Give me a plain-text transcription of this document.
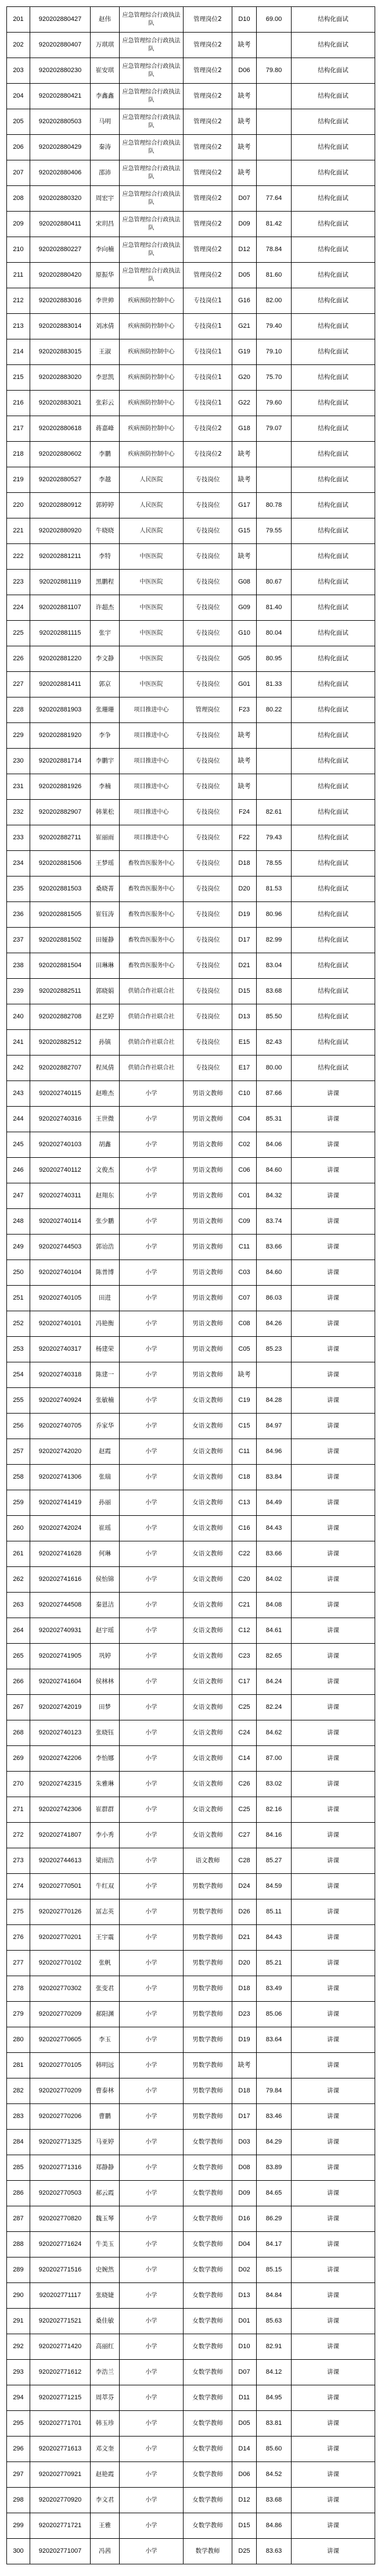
201	920202880427	赵伟	应急管理综合行政执法队	管理岗位2	D10	69.00	结构化面试
202	920202880407	万琪琪	应急管理综合行政执法队	管理岗位2	缺考		结构化面试
203	920202880230	崔安琪	应急管理综合行政执法队	管理岗位2	D06	79.80	结构化面试
204	920202880421	李鑫鑫	应急管理综合行政执法队	管理岗位2	缺考		结构化面试
205	920202880503	马明	应急管理综合行政执法队	管理岗位2	缺考		结构化面试
206	920202880429	秦涛	应急管理综合行政执法队	管理岗位2	缺考		结构化面试
207	920202880406	邵沛	应急管理综合行政执法队	管理岗位2	缺考		结构化面试
208	920202880320	周宏宇	应急管理综合行政执法队	管理岗位2	D07	77.64	结构化面试
209	920202880411	宋玥昌	应急管理综合行政执法队	管理岗位2	D09	81.42	结构化面试
210	920202880227	李向楠	应急管理综合行政执法队	管理岗位2	D12	78.84	结构化面试
211	920202880420	原振华	应急管理综合行政执法队	管理岗位2	D05	81.60	结构化面试
212	920202883016	李世帅	疾病预防控制中心	专技岗位1	G16	82.00	结构化面试
213	920202883014	刘冰倩	疾病预防控制中心	专技岗位1	G21	79.40	结构化面试
214	920202883015	王淑	疾病预防控制中心	专技岗位1	G19	79.10	结构化面试
215	920202883020	李思凯	疾病预防控制中心	专技岗位1	G20	75.70	结构化面试
216	920202883021	张彩云	疾病预防控制中心	专技岗位1	G22	79.60	结构化面试
217	920202880618	蒋嘉峰	疾病预防控制中心	专技岗位2	G18	79.07	结构化面试
218	920202880602	李鹏	疾病预防控制中心	专技岗位2	缺考		结构化面试
219	920202880527	李越	人民医院	专技岗位	缺考		结构化面试
220	920202880912	郭婷婷	人民医院	专技岗位	G17	80.78	结构化面试
221	920202880920	牛晓晓	人民医院	专技岗位	G15	79.55	结构化面试
222	920202881211	李特	中医医院	专技岗位	缺考		结构化面试
223	920202881119	黑鹏程	中医医院	专技岗位	G08	80.67	结构化面试
224	920202881107	许超杰	中医医院	专技岗位	G09	81.40	结构化面试
225	920202881115	张宇	中医医院	专技岗位	G10	80.04	结构化面试
226	920202881220	李文静	中医医院	专技岗位	G05	80.95	结构化面试
227	920202881411	郭京	中医医院	专技岗位	G01	81.33	结构化面试
228	920202881903	张珊珊	项目推进中心	管理岗位	F23	80.22	结构化面试
229	920202881920	李争	项目推进中心	专技岗位	缺考		结构化面试
230	920202881714	李鹏宇	项目推进中心	专技岗位	缺考		结构化面试
231	920202881926	李楠	项目推进中心	专技岗位	缺考		结构化面试
232	920202882907	韩莱松	项目推进中心	专技岗位	F24	82.61	结构化面试
233	920202882711	崔丽雨	项目推进中心	专技岗位	F22	79.43	结构化面试
234	920202881506	王梦瑶	畜牧兽医服务中心	专技岗位	D18	78.55	结构化面试
235	920202881503	桑晓菁	畜牧兽医服务中心	专技岗位	D20	81.53	结构化面试
236	920202881505	崔钰涛	畜牧兽医服务中心	专技岗位	D19	80.96	结构化面试
237	920202881502	田娅静	畜牧兽医服务中心	专技岗位	D17	82.99	结构化面试
238	920202881504	田琳琳	畜牧兽医服务中心	专技岗位	D21	83.04	结构化面试
239	920202882511	郭晓娟	供销合作社联合社	专技岗位	D15	83.68	结构化面试
240	920202882708	赵艺婷	供销合作社联合社	专技岗位	D13	85.50	结构化面试
241	920202882512	孙镇	供销合作社联合社	专技岗位	E15	82.43	结构化面试
242	920202882707	程凤倩	供销合作社联合社	专技岗位	E17	80.00	结构化面试
243	920202740115	赵唯杰	小学	男语文教师	C10	87.66	讲课
244	920202740316	王世微	小学	男语文教师	C04	85.31	讲课
245	920202740103	胡鑫	小学	男语文教师	C02	84.06	讲课
246	920202740112	文俊杰	小学	男语文教师	C06	84.60	讲课
247	920202740311	赵翔东	小学	男语文教师	C01	84.32	讲课
248	920202740114	张少鹏	小学	男语文教师	C09	83.74	讲课
249	920202744503	郭诒浩	小学	男语文教师	C11	83.66	讲课
250	920202740104	陈普博	小学	男语文教师	C03	84.60	讲课
251	920202740105	田进	小学	男语文教师	C07	86.03	讲课
252	920202740101	冯艳衡	小学	男语文教师	C08	84.26	讲课
253	920202740317	杨建荣	小学	男语文教师	C05	85.23	讲课
254	920202740318	陈建一	小学	男语文教师	缺考		讲课
255	920202740924	张敏楠	小学	女语文教师	C19	84.28	讲课
256	920202740705	乔家华	小学	女语文教师	C15	84.97	讲课
257	920202742020	赵霞	小学	女语文教师	C11	84.96	讲课
258	920202741306	张瑞	小学	女语文教师	C18	83.84	讲课
259	920202741419	孙丽	小学	女语文教师	C13	84.49	讲课
260	920202742024	崔瑶	小学	女语文教师	C16	84.43	讲课
261	920202741628	何琳	小学	女语文教师	C22	83.66	讲课
262	920202741616	侯怡锦	小学	女语文教师	C20	84.02	讲课
263	920202744508	秦恩洁	小学	女语文教师	C21	84.08	讲课
264	920202740931	赵宇瑶	小学	女语文教师	C12	84.61	讲课
265	920202741905	巩婷	小学	女语文教师	C23	82.65	讲课
266	920202741604	侯林林	小学	女语文教师	C17	84.24	讲课
267	920202742019	田梦	小学	女语文教师	C25	82.24	讲课
268	920202740123	张晓钰	小学	女语文教师	C24	84.62	讲课
269	920202742206	李怡娜	小学	女语文教师	C14	87.00	讲课
270	920202742315	朱雅琳	小学	女语文教师	C26	83.02	讲课
271	920202742306	崔群群	小学	女语文教师	C25	82.16	讲课
272	920202741807	李小秀	小学	女语文教师	C27	84.16	讲课
273	920202744613	梁雨浩	小学	语文教师	C28	85.27	讲课
274	920202770501	牛红双	小学	男数学教师	D24	84.59	讲课
275	920202770126	冨志英	小学	男数学教师	D26	85.11	讲课
276	920202770201	王宇震	小学	男数学教师	D21	84.43	讲课
277	920202770102	张帆	小学	男数学教师	D20	85.21	讲课
278	920202770302	张变君	小学	男数学教师	D18	83.49	讲课
279	920202770209	郝阳渊	小学	男数学教师	D23	85.06	讲课
280	920202770605	李玉	小学	男数学教师	D19	83.64	讲课
281	920202770105	韩明远	小学	男数学教师	缺考		讲课
282	920202770209	曹泰林	小学	男数学教师	D18	79.84	讲课
283	920202770206	曹鹏	小学	男数学教师	D17	83.46	讲课
284	920202771325	马亚婷	小学	女数学教师	D03	84.29	讲课
285	920202771316	郑静静	小学	女数学教师	D08	83.89	讲课
286	920202770503	郝云霞	小学	女数学教师	D09	84.65	讲课
287	920202770820	魏玉琴	小学	女数学教师	D16	86.29	讲课
288	920202771624	牛美玉	小学	女数学教师	D04	84.17	讲课
289	920202771516	史婉然	小学	女数学教师	D02	85.15	讲课
290	920202771117	张晓婕	小学	女数学教师	D13	84.84	讲课
291	920202771521	桑佳敏	小学	女数学教师	D01	85.63	讲课
292	920202771420	高丽红	小学	女数学教师	D10	82.91	讲课
293	920202771612	李浩兰	小学	女数学教师	D07	84.12	讲课
294	920202771215	周萃芬	小学	女数学教师	D11	84.95	讲课
295	920202771701	韩玉珍	小学	女数学教师	D05	83.81	讲课
296	920202771613	邓文奎	小学	女数学教师	D14	85.60	讲课
297	920202770921	赵艳霞	小学	女数学教师	D06	84.52	讲课
298	920202770920	李文君	小学	女数学教师	D12	83.68	讲课
299	920202771721	王雅	小学	女数学教师	D15	84.86	讲课
300	920202771007	冯茜	小学	数学教师	D25	83.63	讲课
